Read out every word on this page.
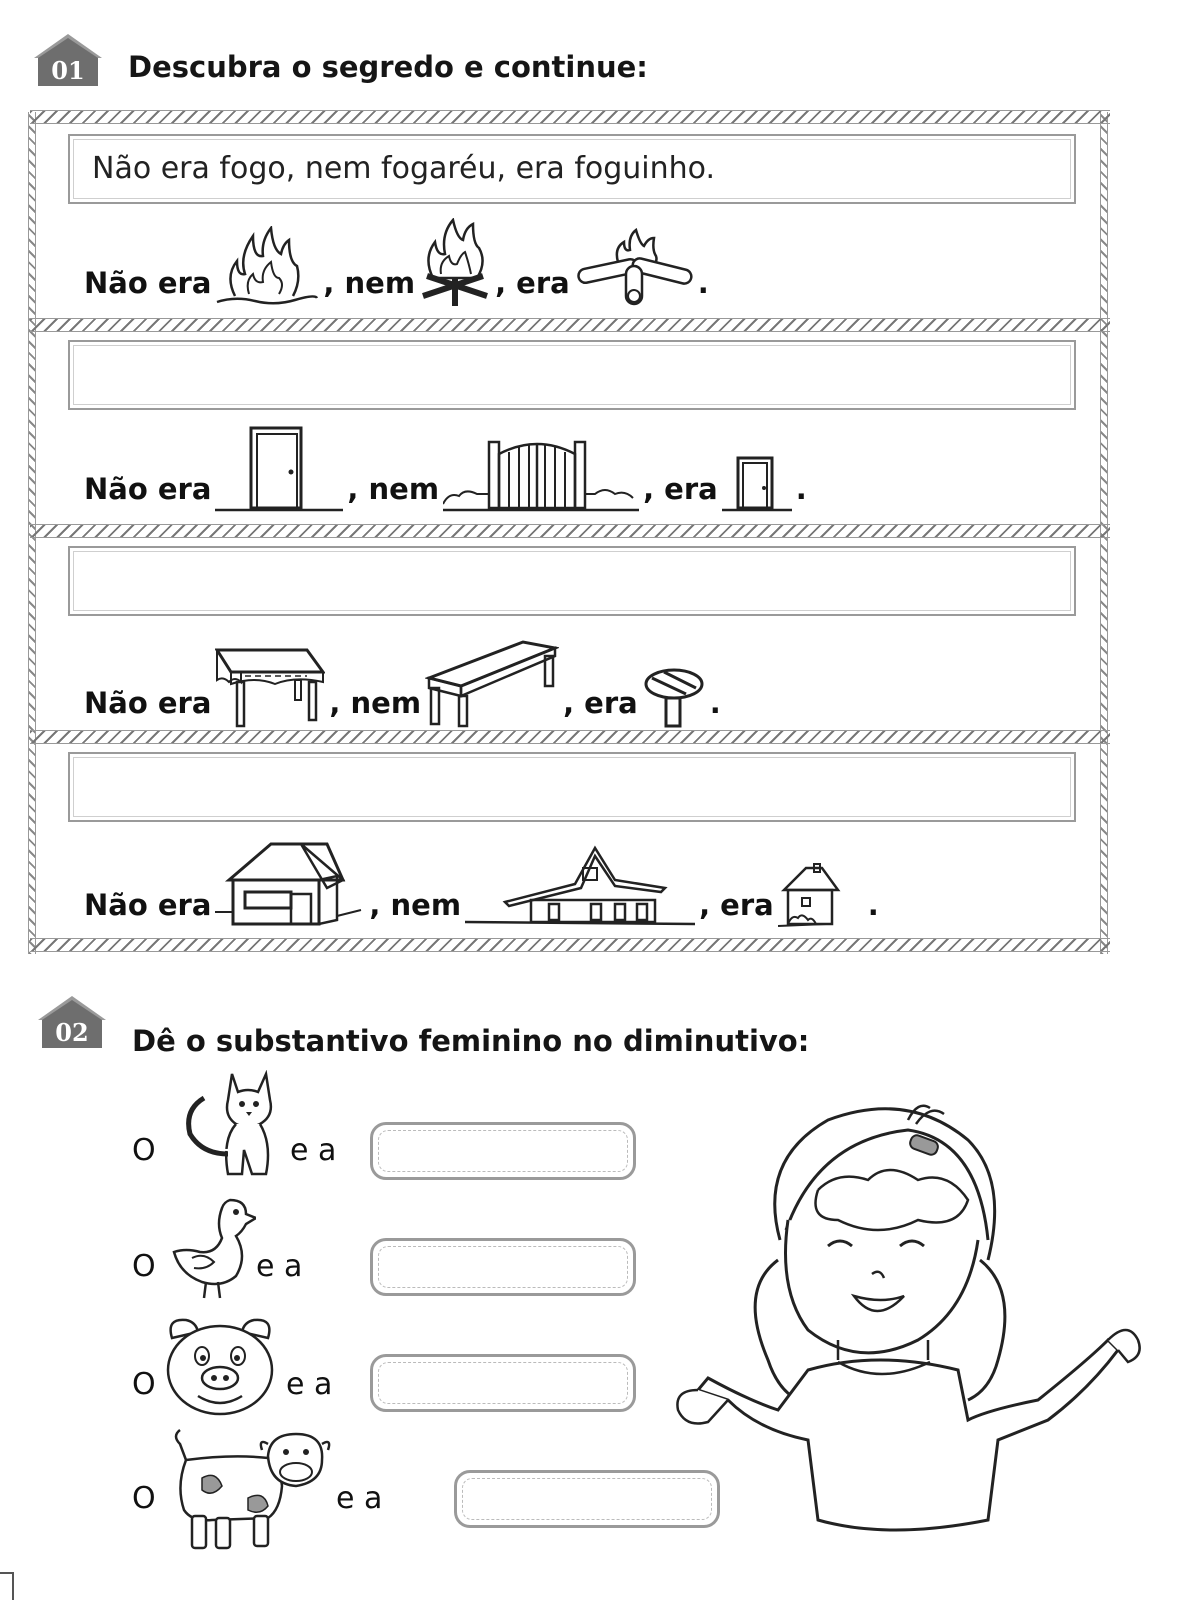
01 Descubra o segredo e continue:
Não era fogo, nem fogaréu, era foguinho.
Não era	, nem	, era	.
Não era	, nem	, era	.
Não era	, nem	, era .
Não era	, nem	, era	.
02 Dê o substantivo feminino no diminutivo:
O	e a
O	e a
O	e a
O	e a
